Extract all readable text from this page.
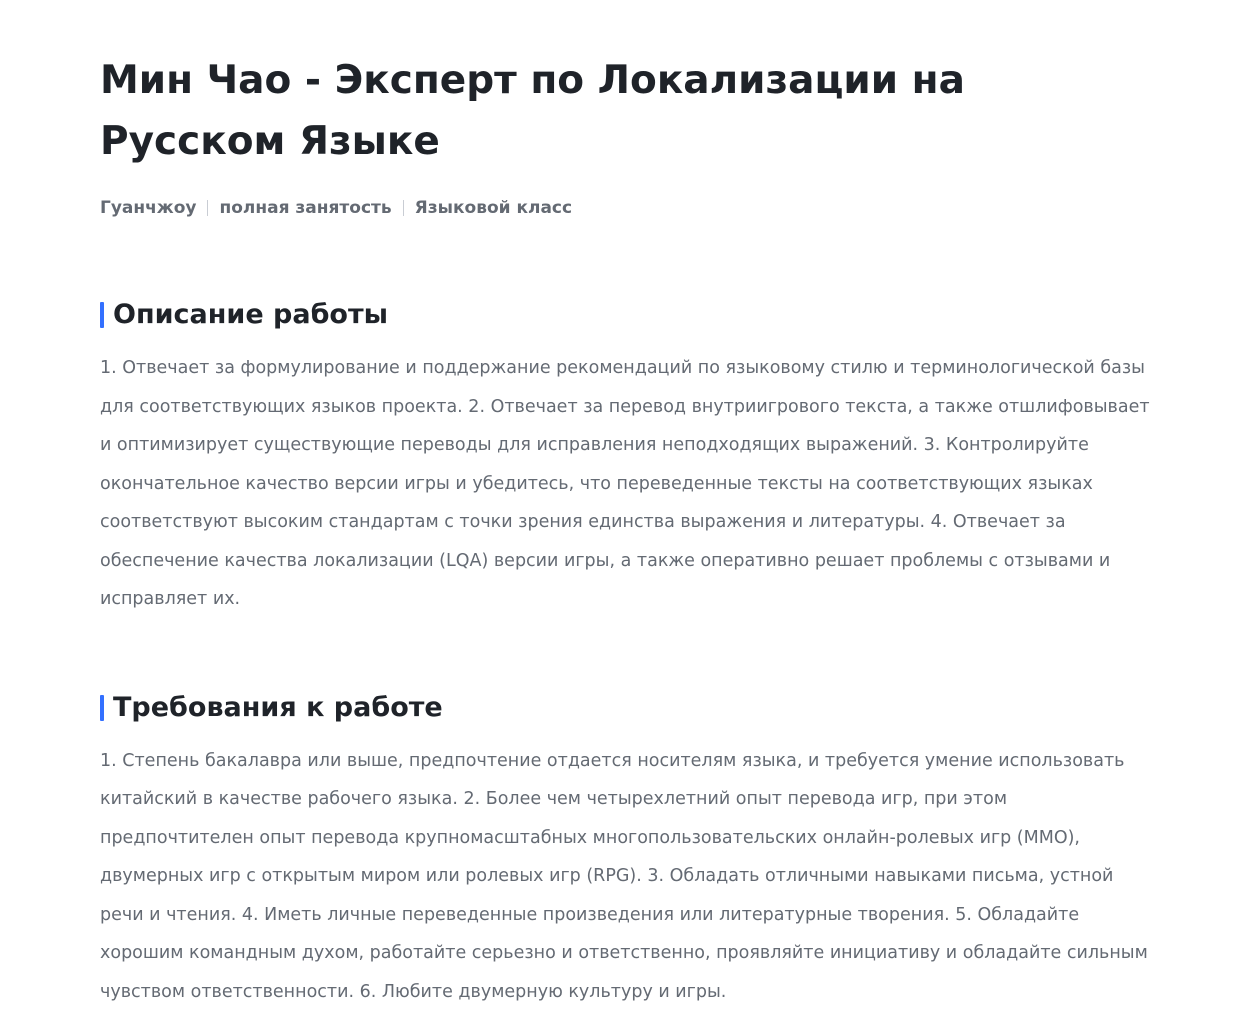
Мин Чао - Эксперт по Локализации на Русском Языке
Гуанчжоу полная занятость Языковой класс
Описание работы

1. Отвечает за формулирование и поддержание рекомендаций по языковому стилю и терминологической базы для соответствующих языков проекта. 2. Отвечает за перевод внутриигрового текста, а также отшлифовывает и оптимизирует существующие переводы для исправления неподходящих выражений. 3. Контролируйте окончательное качество версии игры и убедитесь, что переведенные тексты на соответствующих языках соответствуют высоким стандартам с точки зрения единства выражения и литературы. 4. Отвечает за обеспечение качества локализации (LQA) версии игры, а также оперативно решает проблемы с отзывами и исправляет их.

Требования к работе

1. Степень бакалавра или выше, предпочтение отдается носителям языка, и требуется умение использовать китайский в качестве рабочего языка. 2. Более чем четырехлетний опыт перевода игр, при этом предпочтителен опыт перевода крупномасштабных многопользовательских онлайн-ролевых игр (MMO), двумерных игр с открытым миром или ролевых игр (RPG). 3. Обладать отличными навыками письма, устной речи и чтения. 4. Иметь личные переведенные произведения или литературные творения. 5. Обладайте хорошим командным духом, работайте серьезно и ответственно, проявляйте инициативу и обладайте сильным чувством ответственности. 6. Любите двумерную культуру и игры.
